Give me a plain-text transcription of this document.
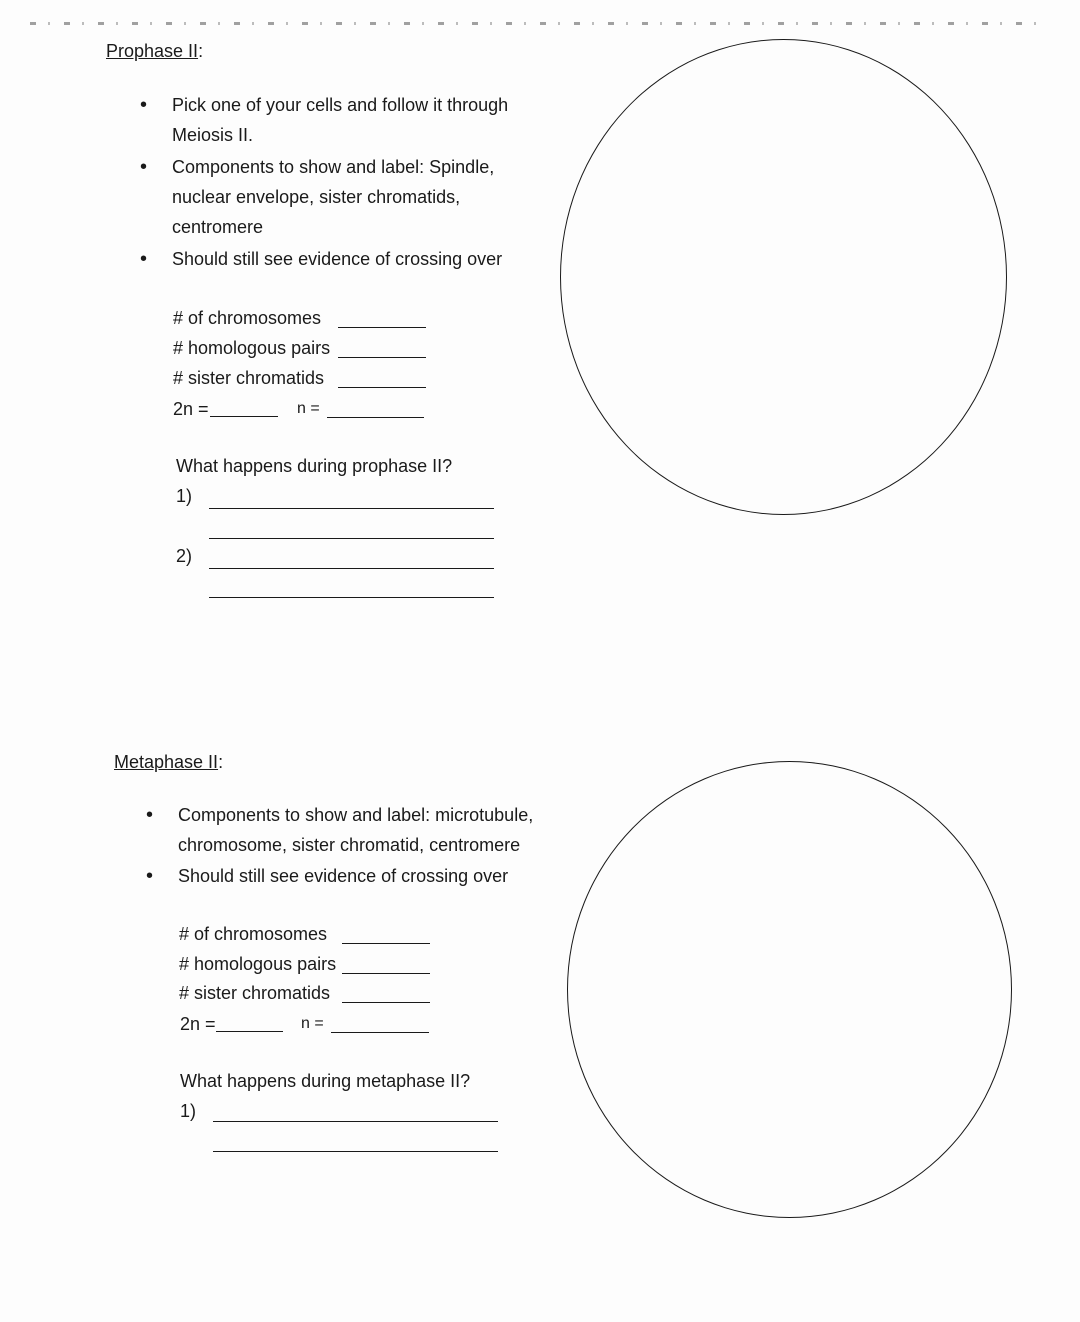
Prophase II:
• Pick one of your cells and follow it through Meiosis II.
• Components to show and label: Spindle, nuclear envelope, sister chromatids, centromere
• Should still see evidence of crossing over
# of chromosomes
# homologous pairs
# sister chromatids
2n =	n =
What happens during prophase II?
1)
2)
Metaphase II:
• Components to show and label: microtubule, chromosome, sister chromatid, centromere
• Should still see evidence of crossing over
# of chromosomes
# homologous pairs
# sister chromatids
2n =	n =
What happens during metaphase II?
1)
